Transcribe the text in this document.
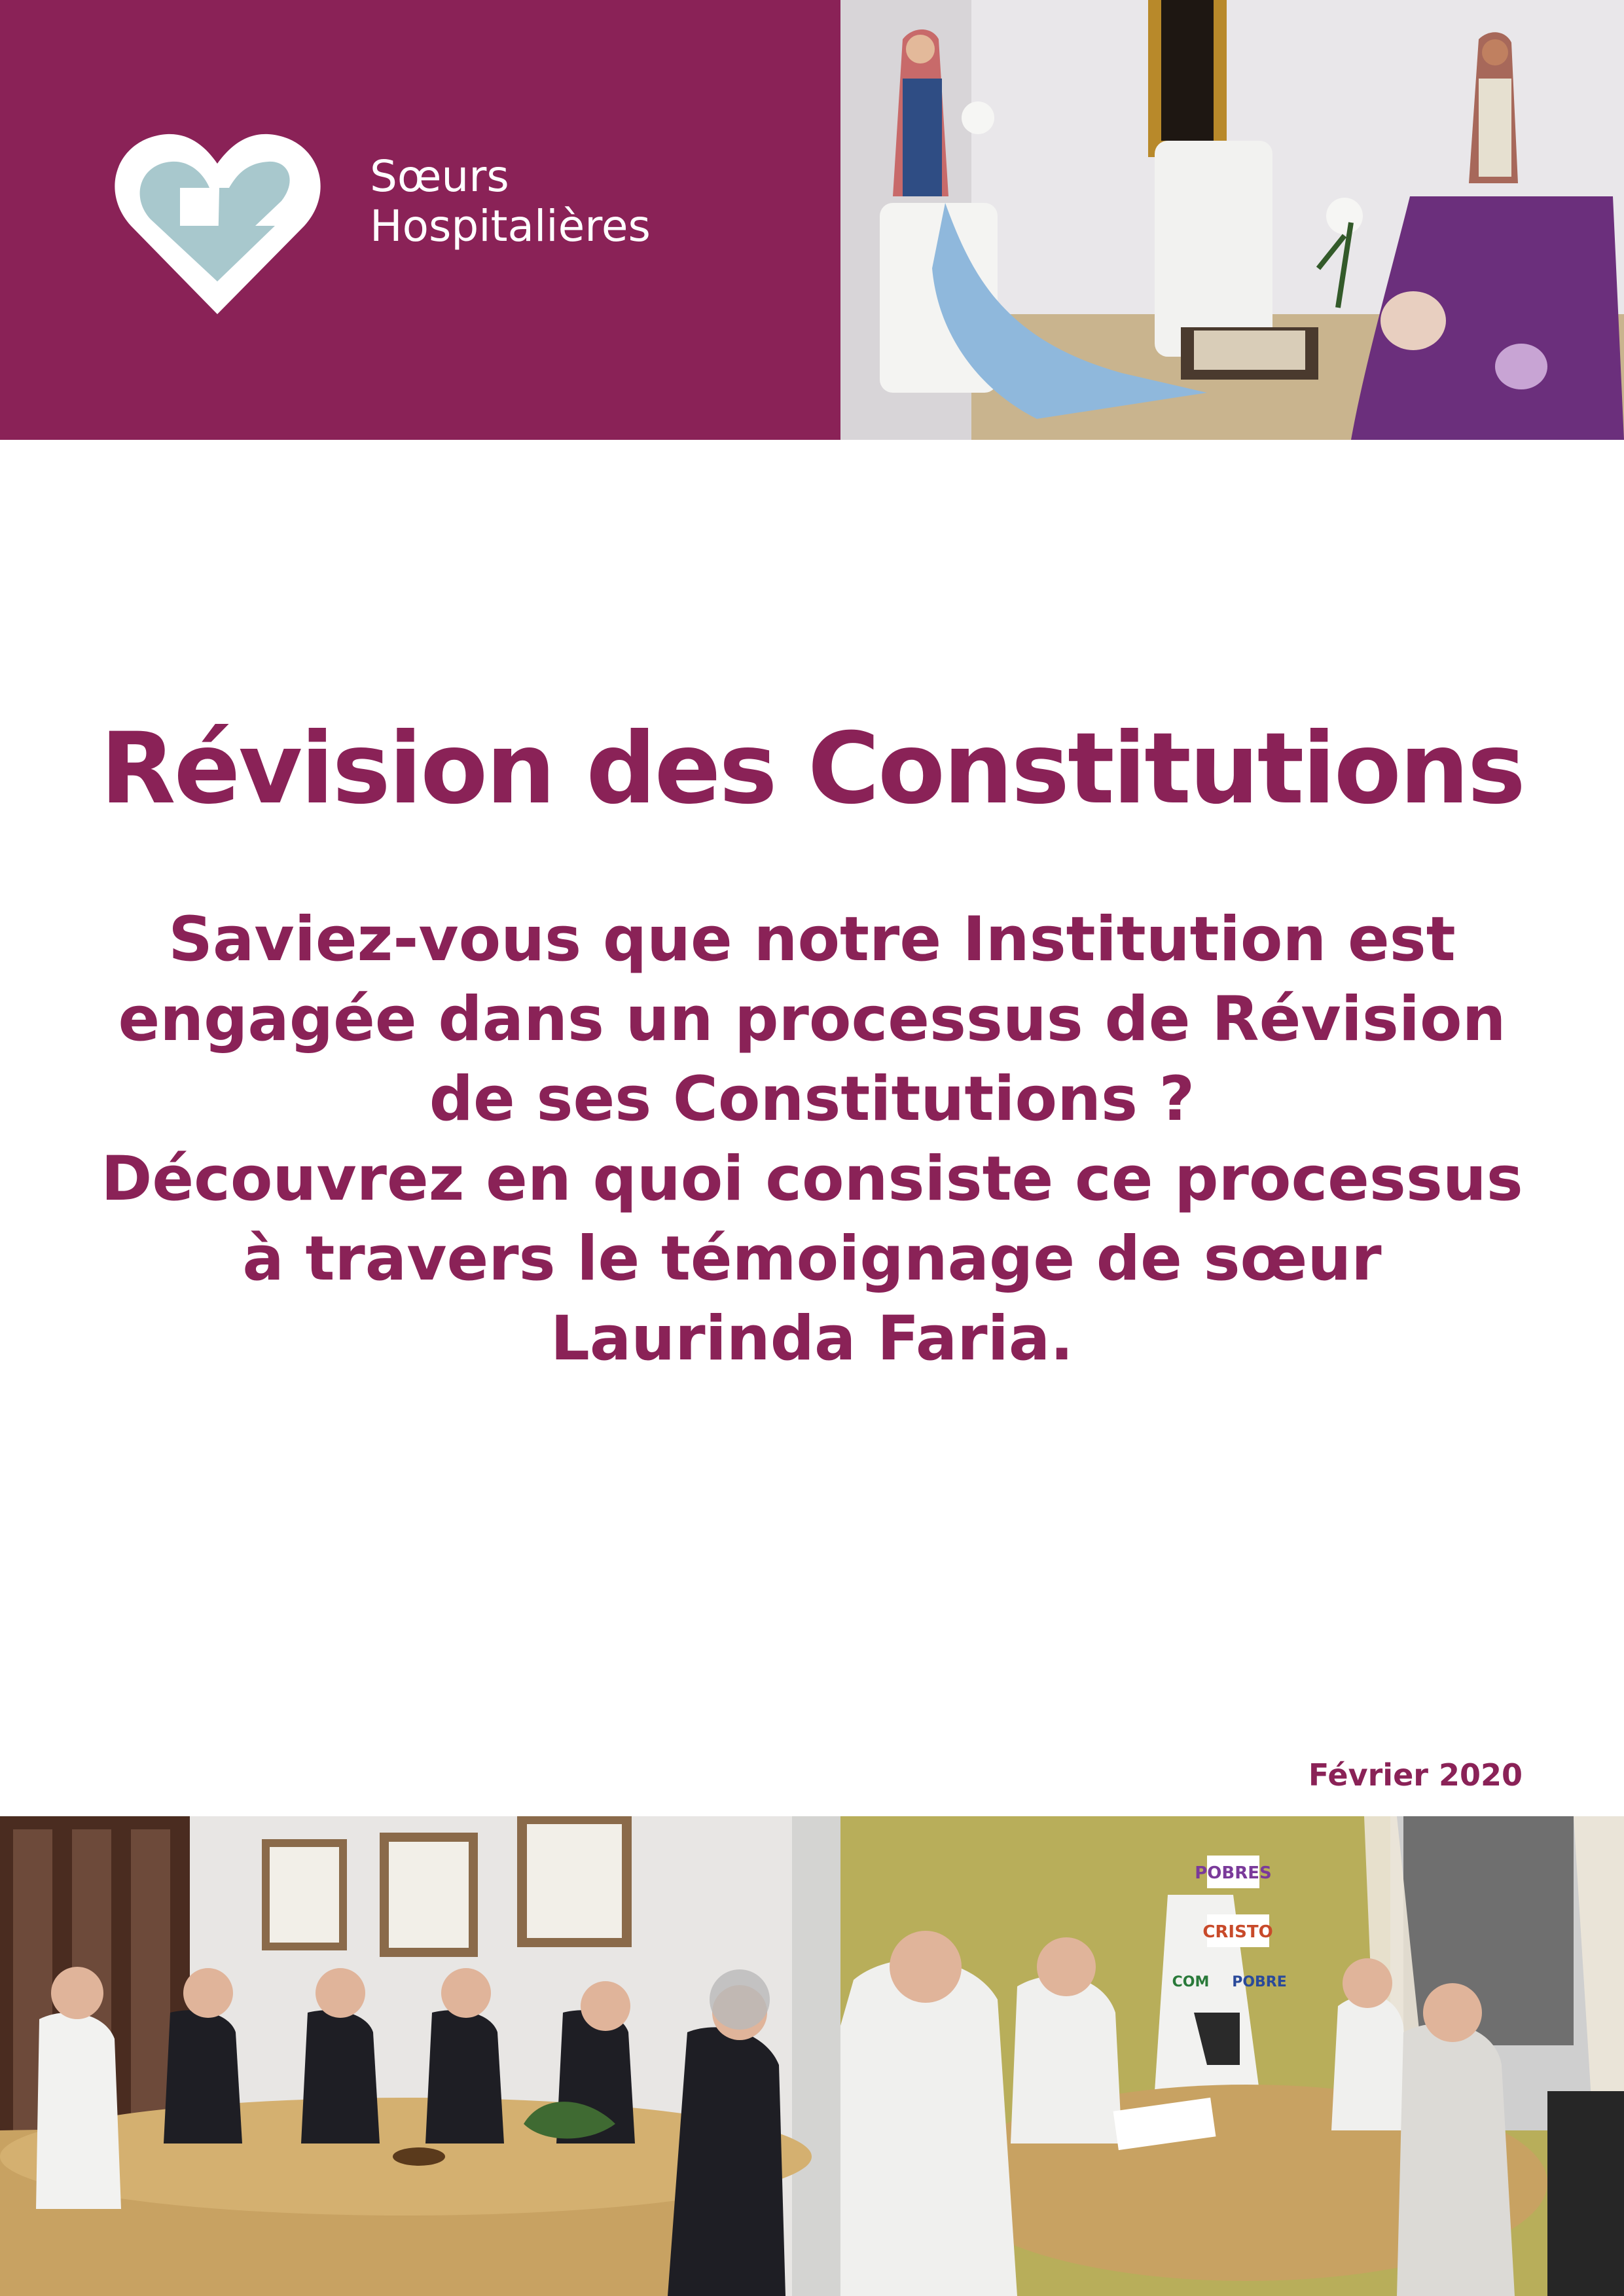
Sœurs
Hospitalières
Révision des Constitutions

Saviez-vous que notre Institution est engagée dans un processus de Révision de ses Constitutions ?

Découvrez en quoi consiste ce processus à travers le témoignage de sœur Laurinda Faria.

Février 2020
POBRES
CRISTO
COM POBRE
